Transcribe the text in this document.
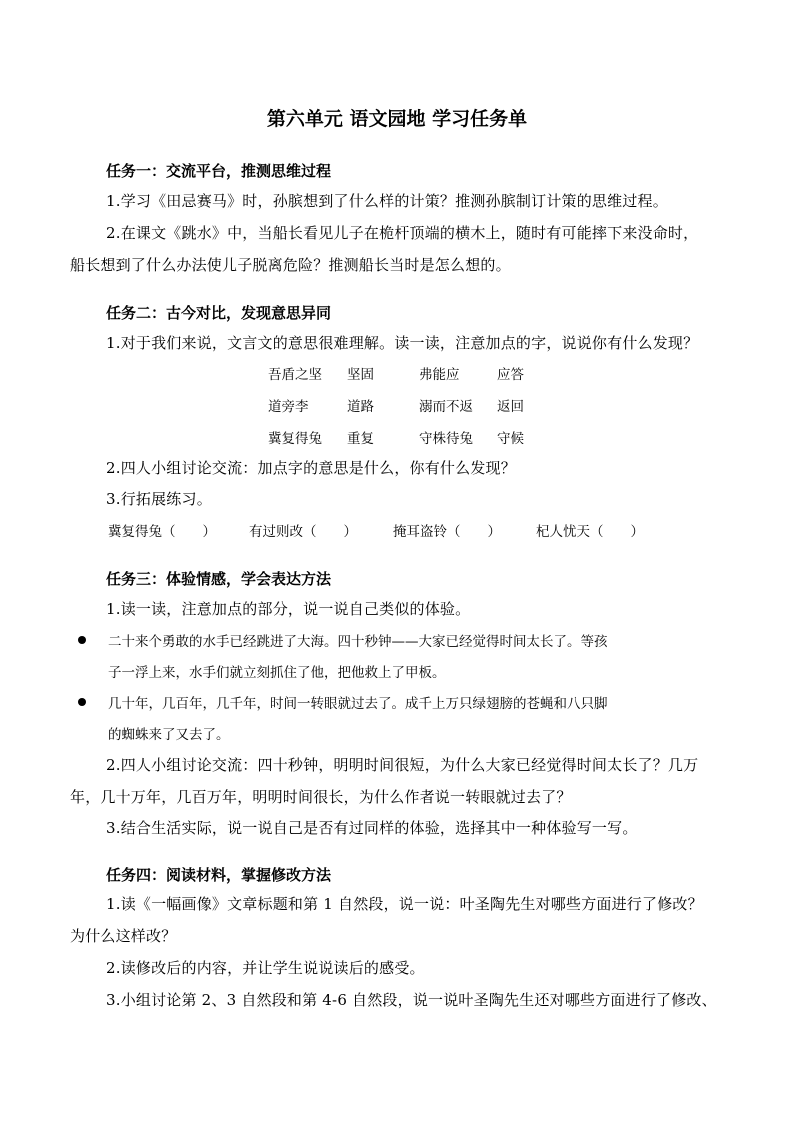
第六单元 语文园地 学习任务单
任务一：交流平台，推测思维过程
1.学习《田忌赛马》时，孙膑想到了什么样的计策？推测孙膑制订计策的思维过程。
2.在课文《跳水》中，当船长看见儿子在桅杆顶端的横木上，随时有可能摔下来没命时，
船长想到了什么办法使儿子脱离危险？推测船长当时是怎么想的。
任务二：古今对比，发现意思异同
1.对于我们来说，文言文的意思很难理解。读一读，注意加点的字，说说你有什么发现？
吾盾之坚 坚固	弗能应	应答
道旁李	道路	溺而不返 返回
冀复得兔 重复	守株待兔 守候
2.四人小组讨论交流：加点字的意思是什么，你有什么发现？
3.行拓展练习。
冀复得兔（　　） 有过则改（　　）	掩耳盗铃（　　）	杞人忧天（　　）
任务三：体验情感，学会表达方法
1.读一读，注意加点的部分，说一说自己类似的体验。
二十来个勇敢的水手已经跳进了大海。四十秒钟——大家已经觉得时间太长了。等孩
子一浮上来，水手们就立刻抓住了他，把他救上了甲板。
几十年，几百年，几千年，时间一转眼就过去了。成千上万只绿翅膀的苍蝇和八只脚
的蜘蛛来了又去了。
2.四人小组讨论交流：四十秒钟，明明时间很短，为什么大家已经觉得时间太长了？几万
年，几十万年，几百万年，明明时间很长，为什么作者说一转眼就过去了？
3.结合生活实际，说一说自己是否有过同样的体验，选择其中一种体验写一写。
任务四：阅读材料，掌握修改方法
1.读《一幅画像》文章标题和第 1 自然段，说一说：叶圣陶先生对哪些方面进行了修改？
为什么这样改？
2.读修改后的内容，并让学生说说读后的感受。
3.小组讨论第 2、3 自然段和第 4-6 自然段，说一说叶圣陶先生还对哪些方面进行了修改、
